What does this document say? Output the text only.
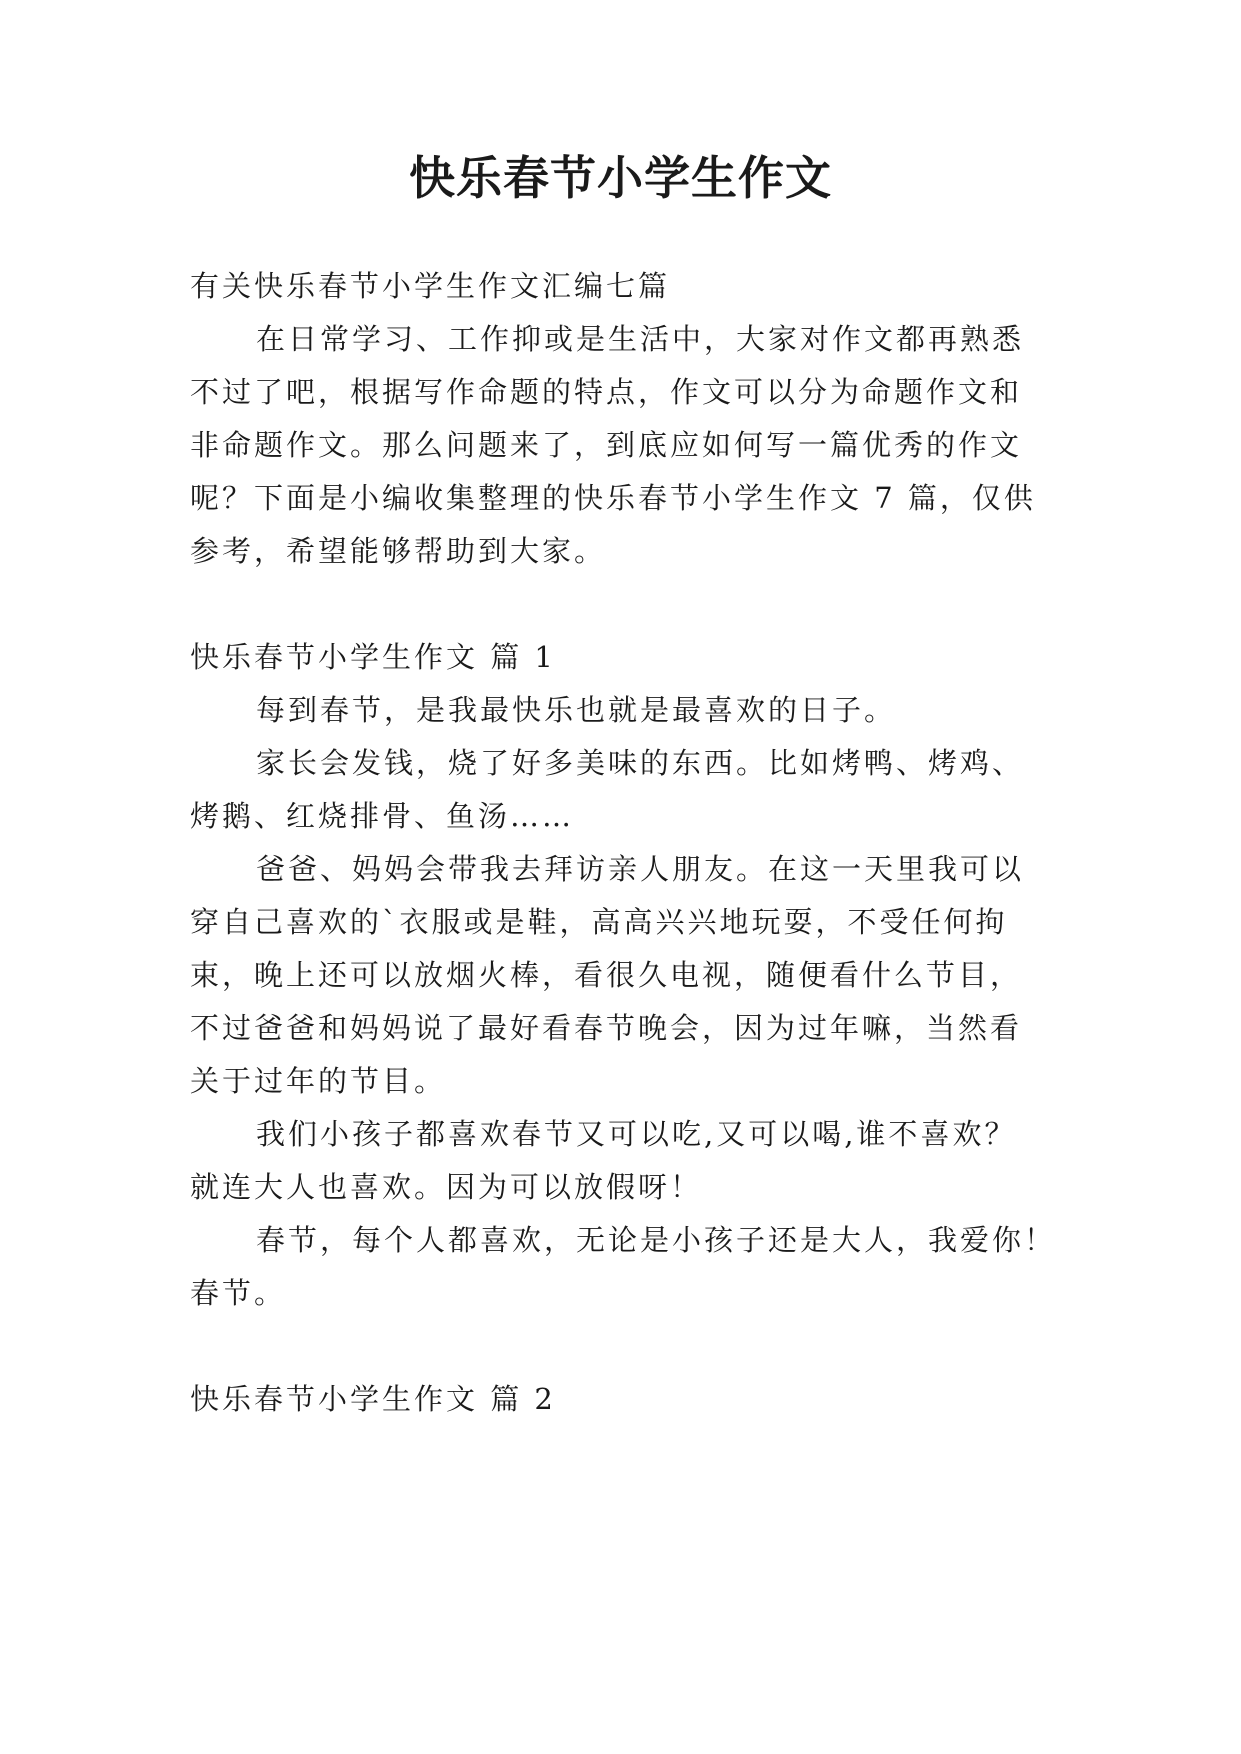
快乐春节小学生作文
有关快乐春节小学生作文汇编七篇
在日常学习、工作抑或是生活中，大家对作文都再熟悉
不过了吧，根据写作命题的特点，作文可以分为命题作文和
非命题作文。那么问题来了，到底应如何写一篇优秀的作文
呢？下面是小编收集整理的快乐春节小学生作文 7 篇，仅供
参考，希望能够帮助到大家。
快乐春节小学生作文 篇 1
每到春节，是我最快乐也就是最喜欢的日子。
家长会发钱，烧了好多美味的东西。比如烤鸭、烤鸡、
烤鹅、红烧排骨、鱼汤……
爸爸、妈妈会带我去拜访亲人朋友。在这一天里我可以
穿自己喜欢的`衣服或是鞋，高高兴兴地玩耍，不受任何拘
束，晚上还可以放烟火棒，看很久电视，随便看什么节目，
不过爸爸和妈妈说了最好看春节晚会，因为过年嘛，当然看
关于过年的节目。
我们小孩子都喜欢春节又可以吃,又可以喝,谁不喜欢？
就连大人也喜欢。因为可以放假呀！
春节，每个人都喜欢，无论是小孩子还是大人，我爱你！
春节。
快乐春节小学生作文 篇 2
